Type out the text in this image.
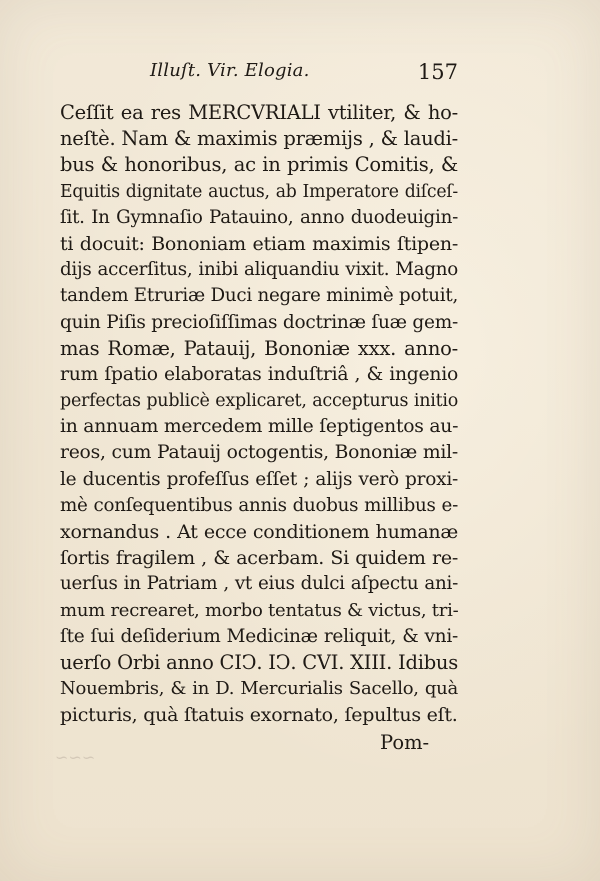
~~~
Illuſt. Vir. Elogia.	157
Ceſſit ea res MERCVRIALI vtiliter, & ho-
neſtè. Nam & maximis præmijs , & laudi-
bus & honoribus, ac in primis Comitis, &
Equitis dignitate auctus, ab Imperatore diſceſ-
ſit. In Gymnaſio Patauino, anno duodeuigin-
ti docuit: Bononiam etiam maximis ſtipen-
dijs accerſitus, inibi aliquandiu vixit. Magno
tandem Etruriæ Duci negare minimè potuit,
quin Piſis precioſiſſimas doctrinæ ſuæ gem-
mas Romæ, Patauij, Bononiæ xxx. anno-
rum ſpatio elaboratas induſtriâ , & ingenio
perfectas publicè explicaret, accepturus initio
in annuam mercedem mille ſeptigentos au-
reos, cum Patauij octogentis, Bononiæ mil-
le ducentis profeſſus eſſet ; alijs verò proxi-
mè conſequentibus annis duobus millibus e-
xornandus . At ecce conditionem humanæ
ſortis fragilem , & acerbam. Si quidem re-
uerſus in Patriam , vt eius dulci aſpectu ani-
mum recrearet, morbo tentatus & victus, tri-
ſte ſui deſiderium Medicinæ reliquit, & vni-
uerſo Orbi anno CIↃ. IↃ. CVI. XIII. Idibus
Nouembris, & in D. Mercurialis Sacello, quà
picturis, quà ſtatuis exornato, ſepultus eſt.
Pom-
